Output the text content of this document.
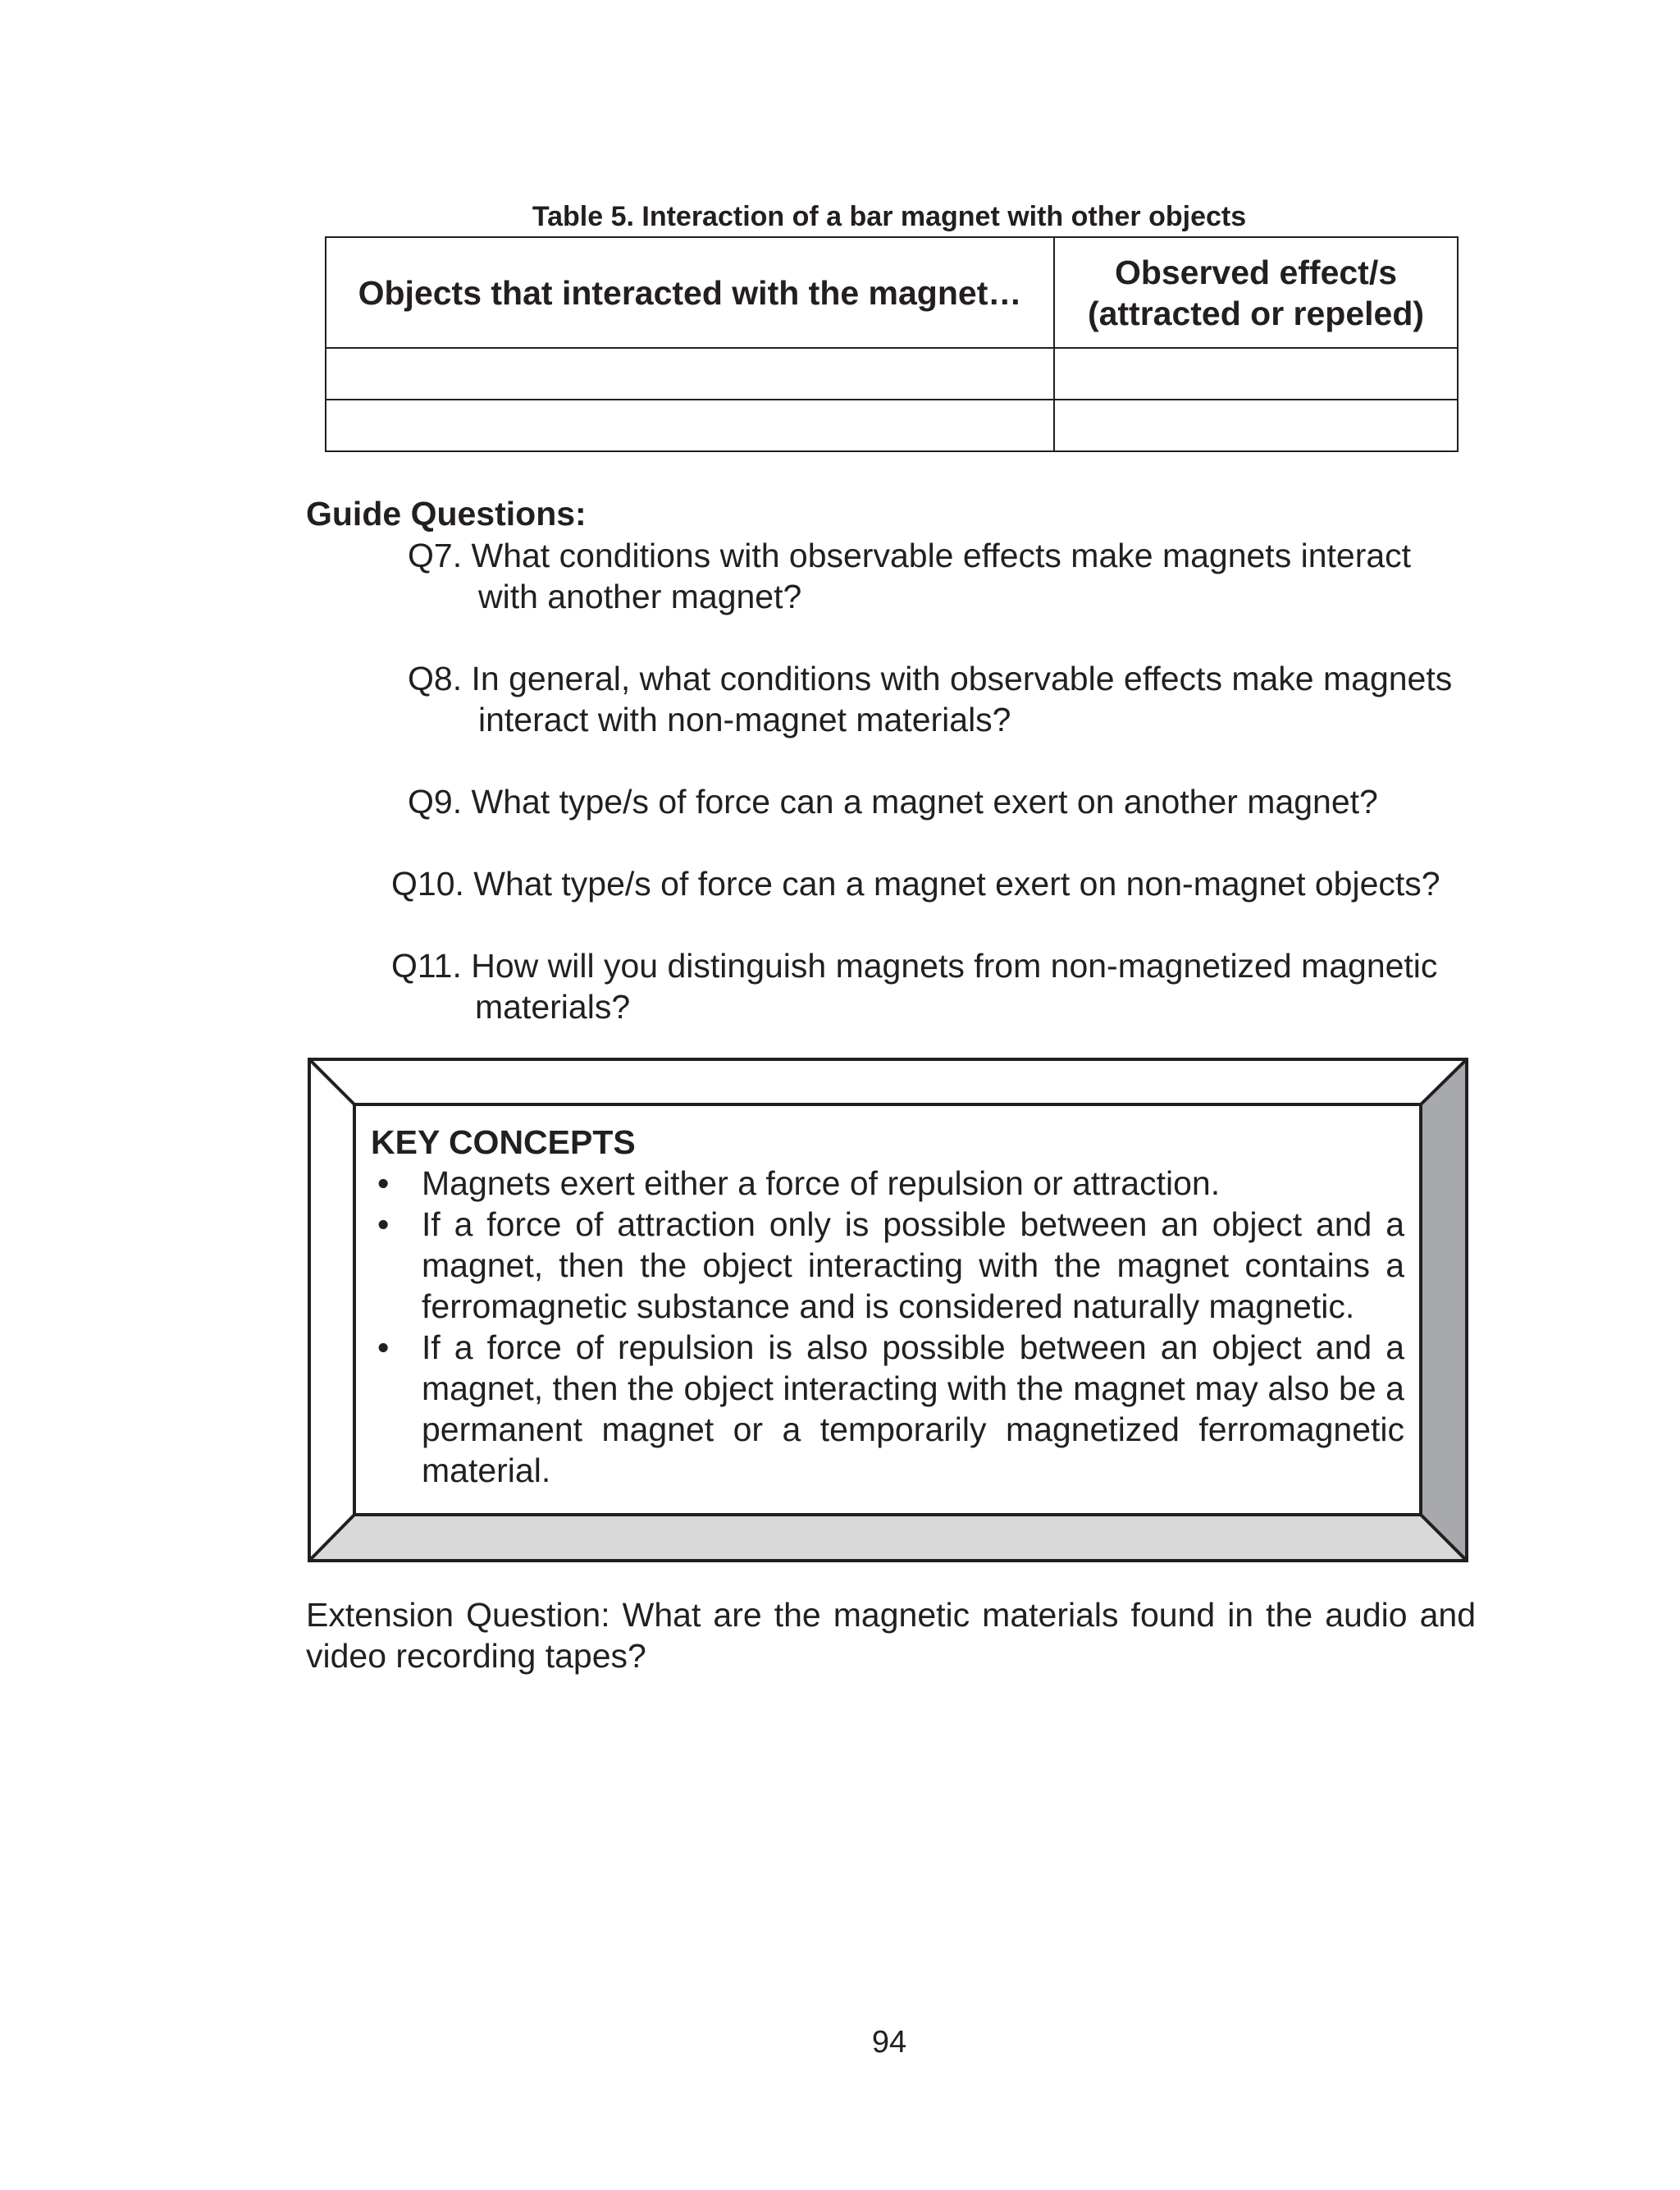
Table 5. Interaction of a bar magnet with other objects
Objects that interacted with the magnet…	Observed effect/s
(attracted or repeled)

Guide Questions:
Q7. What conditions with observable effects make magnets interact
with another magnet?
Q8. In general, what conditions with observable effects make magnets
interact with non-magnet materials?
Q9. What type/s of force can a magnet exert on another magnet?
Q10. What type/s of force can a magnet exert on non-magnet objects?
Q11. How will you distinguish magnets from non-magnetized magnetic
materials?
KEY CONCEPTS
• Magnets exert either a force of repulsion or attraction.
• If a force of attraction only is possible between an object and a magnet, then the object interacting with the magnet contains a ferromagnetic substance and is considered naturally magnetic.
• If a force of repulsion is also possible between an object and a magnet, then the object interacting with the magnet may also be a permanent magnet or a temporarily magnetized ferromagnetic material.
Extension Question: What are the magnetic materials found in the audio and video recording tapes?
94
